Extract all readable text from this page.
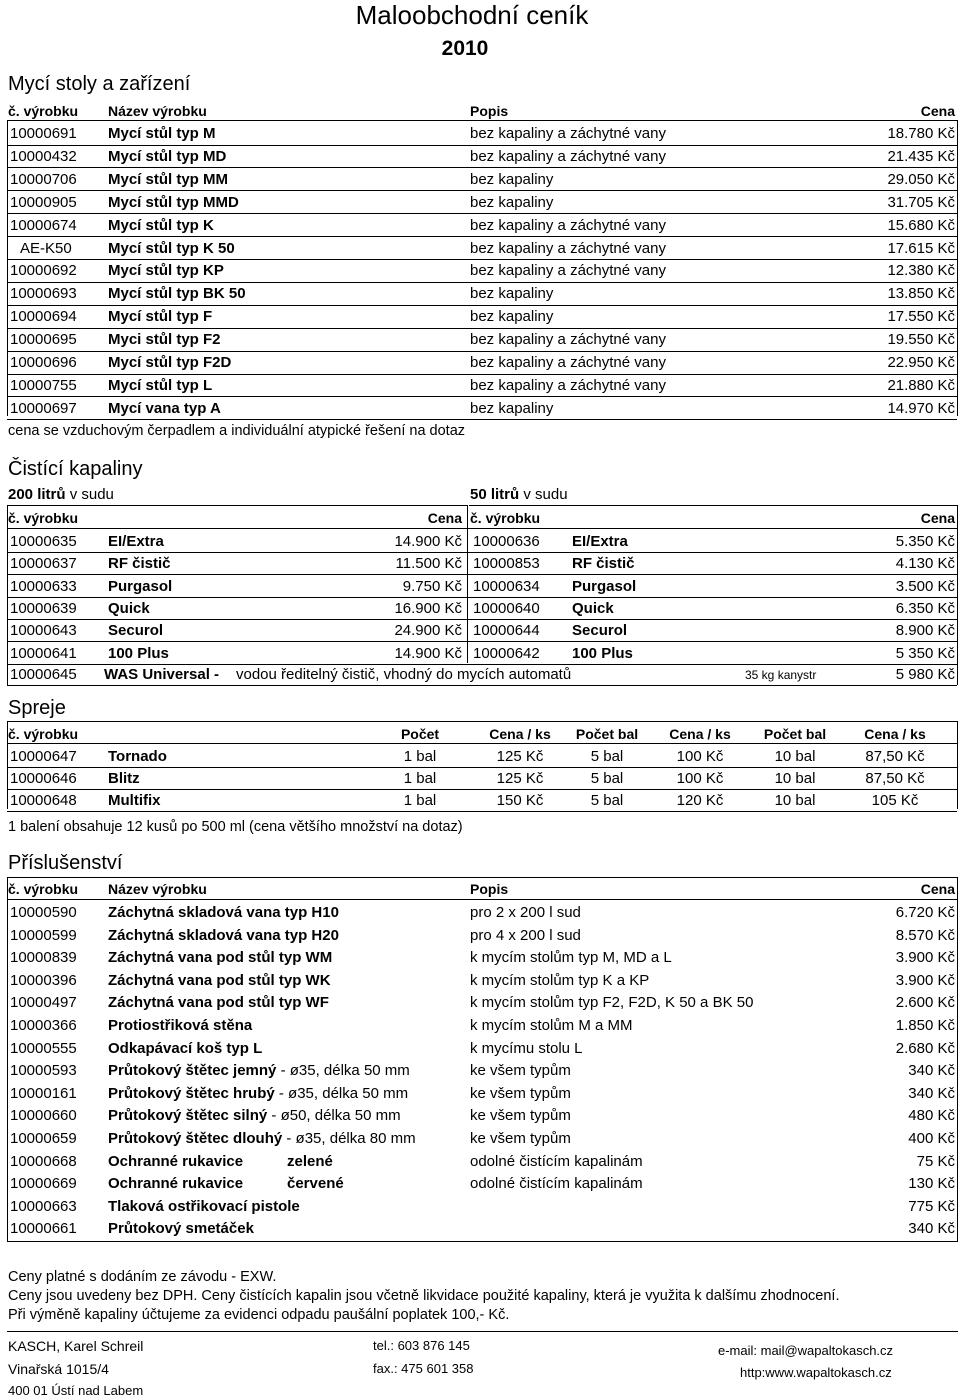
Maloobchodní ceník
2010
Mycí stoly a zařízení
č. výrobku Název výrobku	Popis	Cena
10000691 Mycí stůl typ M	bez kapaliny a záchytné vany	18.780 Kč
10000432 Mycí stůl typ MD	bez kapaliny a záchytné vany	21.435 Kč
10000706 Mycí stůl typ MM	bez kapaliny	29.050 Kč
10000905 Mycí stůl typ MMD	bez kapaliny	31.705 Kč
10000674 Mycí stůl typ K	bez kapaliny a záchytné vany	15.680 Kč
AE-K50 Mycí stůl typ K 50	bez kapaliny a záchytné vany	17.615 Kč
10000692 Mycí stůl typ KP	bez kapaliny a záchytné vany	12.380 Kč
10000693 Mycí stůl typ BK 50	bez kapaliny	13.850 Kč
10000694 Mycí stůl typ F	bez kapaliny	17.550 Kč
10000695 Myci stůl typ F2	bez kapaliny a záchytné vany	19.550 Kč
10000696 Mycí stůl typ F2D	bez kapaliny a záchytné vany	22.950 Kč
10000755 Mycí stůl typ L	bez kapaliny a záchytné vany	21.880 Kč
10000697 Mycí vana typ A	bez kapaliny	14.970 Kč
cena se vzduchovým čerpadlem a individuální atypické řešení na dotaz
Čistící kapaliny
200 litrů v sudu	50 litrů v sudu
č. výrobku	Cena č. výrobku	Cena
10000635 EI/Extra	14.900 Kč 10000636 EI/Extra	5.350 Kč
10000637 RF čistič	11.500 Kč 10000853 RF čistič	4.130 Kč
10000633 Purgasol	9.750 Kč 10000634 Purgasol	3.500 Kč
10000639 Quick	16.900 Kč 10000640 Quick	6.350 Kč
10000643 Securol	24.900 Kč 10000644 Securol	8.900 Kč
10000641 100 Plus	14.900 Kč 10000642 100 Plus	5 350 Kč
10000645 WAS Universal - vodou ředitelný čistič, vhodný do mycích automatů	35 kg kanystr	5 980 Kč
Spreje
č. výrobku	Počet	Cena / ks	Počet bal	Cena / ks	Počet bal	Cena / ks
10000647 Tornado	1 bal	125 Kč	5 bal	100 Kč	10 bal	87,50 Kč
10000646 Blitz	1 bal	125 Kč	5 bal	100 Kč	10 bal	87,50 Kč
10000648 Multifix	1 bal	150 Kč	5 bal	120 Kč	10 bal	105 Kč
1 balení obsahuje 12 kusů po 500 ml (cena většího množství na dotaz)
Příslušenství
č. výrobku Název výrobku	Popis	Cena
10000590 Záchytná skladová vana typ H10	pro 2 x 200 l sud	6.720 Kč
10000599 Záchytná skladová vana typ H20	pro 4 x 200 l sud	8.570 Kč
10000839 Záchytná vana pod stůl typ WM	k mycím stolům typ M, MD a L	3.900 Kč
10000396 Záchytná vana pod stůl typ WK	k mycím stolům typ K a KP	3.900 Kč
10000497 Záchytná vana pod stůl typ WF	k mycím stolům typ F2, F2D, K 50 a BK 50	2.600 Kč
10000366 Protiostřiková stěna	k mycím stolům M a MM	1.850 Kč
10000555 Odkapávací koš typ L	k mycímu stolu L	2.680 Kč
10000593 Průtokový štětec jemný - ø35, délka 50 mm	ke všem typům	340 Kč
10000161 Průtokový štětec hrubý - ø35, délka 50 mm	ke všem typům	340 Kč
10000660 Průtokový štětec silný - ø50, délka 50 mm	ke všem typům	480 Kč
10000659 Průtokový štětec dlouhý - ø35, délka 80 mm	ke všem typům	400 Kč
10000668 Ochranné rukavice	zelené	odolné čistícím kapalinám	75 Kč
10000669 Ochranné rukavice	červené	odolné čistícím kapalinám	130 Kč
10000663 Tlaková ostřikovací pistole	775 Kč
10000661 Průtokový smetáček	340 Kč
Ceny platné s dodáním ze závodu - EXW.
Ceny jsou uvedeny bez DPH. Ceny čistících kapalin jsou včetně likvidace použité kapaliny, která je využita k dalšímu zhodnocení.
Při výměně kapaliny účtujeme za evidenci odpadu paušální poplatek 100,- Kč.
KASCH, Karel Schreil
Vinařská 1015/4
400 01 Ústí nad Labem
tel.: 603 876 145
fax.: 475 601 358
e-mail: mail@wapaltokasch.cz
http:www.wapaltokasch.cz
